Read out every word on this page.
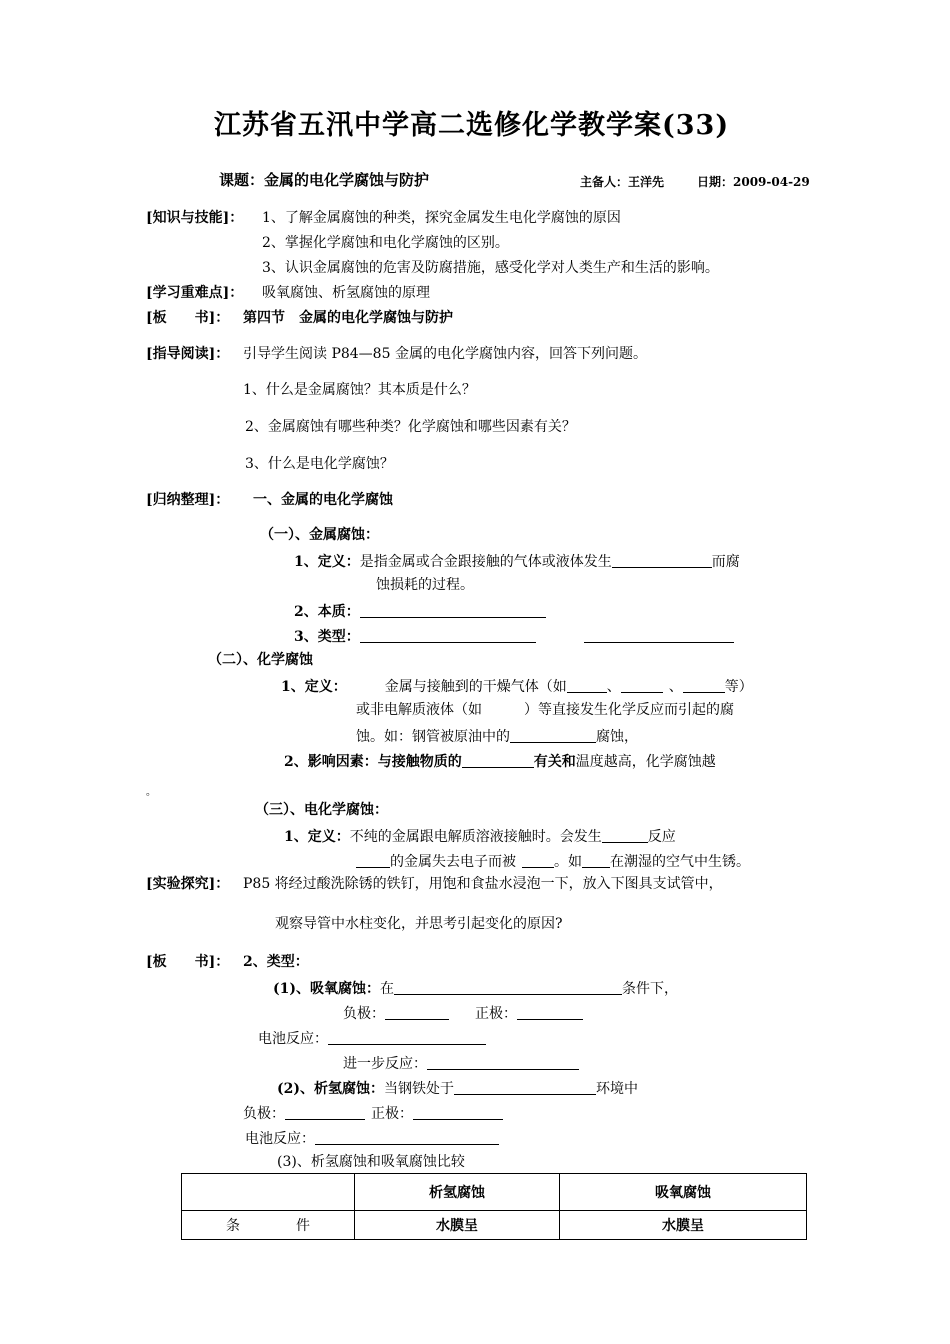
江苏省五汛中学高二选修化学教学案(33)
课题：金属的电化学腐蚀与防护	主备人：王洋先	日期：2009-04-29
[知识与技能]： 1、了解金属腐蚀的种类，探究金属发生电化学腐蚀的原因
2、掌握化学腐蚀和电化学腐蚀的区别。
3、认识金属腐蚀的危害及防腐措施，感受化学对人类生产和生活的影响。
[学习重难点]： 吸氧腐蚀、析氢腐蚀的原理
[板　　书]： 第四节　金属的电化学腐蚀与防护
[指导阅读]： 引导学生阅读 P84—85 金属的电化学腐蚀内容，回答下列问题。
1、什么是金属腐蚀？其本质是什么？
2、金属腐蚀有哪些种类？化学腐蚀和哪些因素有关？
3、什么是电化学腐蚀？
[归纳整理]： 一、金属的电化学腐蚀
（一）、金属腐蚀：
1、定义：是指金属或合金跟接触的气体或液体发生	而腐
蚀损耗的过程。
2、本质：
3、类型：
（二）、化学腐蚀
1、定义：	金属与接触到的干燥气体（如	、	、	等）
或非电解质液体（如　　　）等直接发生化学反应而引起的腐
蚀。如：钢管被原油中的	腐蚀，
2、影响因素：与接触物质的	有关和温度越高，化学腐蚀越
。
（三）、电化学腐蚀：
1、定义：不纯的金属跟电解质溶液接触时。会发生	反应
的金属失去电子而被	。如 在潮湿的空气中生锈。
[实验探究]： P85 将经过酸洗除锈的铁钉，用饱和食盐水浸泡一下，放入下图具支试管中，
观察导管中水柱变化，并思考引起变化的原因?
[板　　书]： 2、类型：
(1)、吸氧腐蚀：在	条件下，
负极：	正极：
电池反应：
进一步反应：
(2)、析氢腐蚀：当钢铁处于	环境中
负极：	正极：
电池反应：
(3)、析氢腐蚀和吸氧腐蚀比较
	析氢腐蚀	吸氧腐蚀
条　　　　件	水膜呈	水膜呈
